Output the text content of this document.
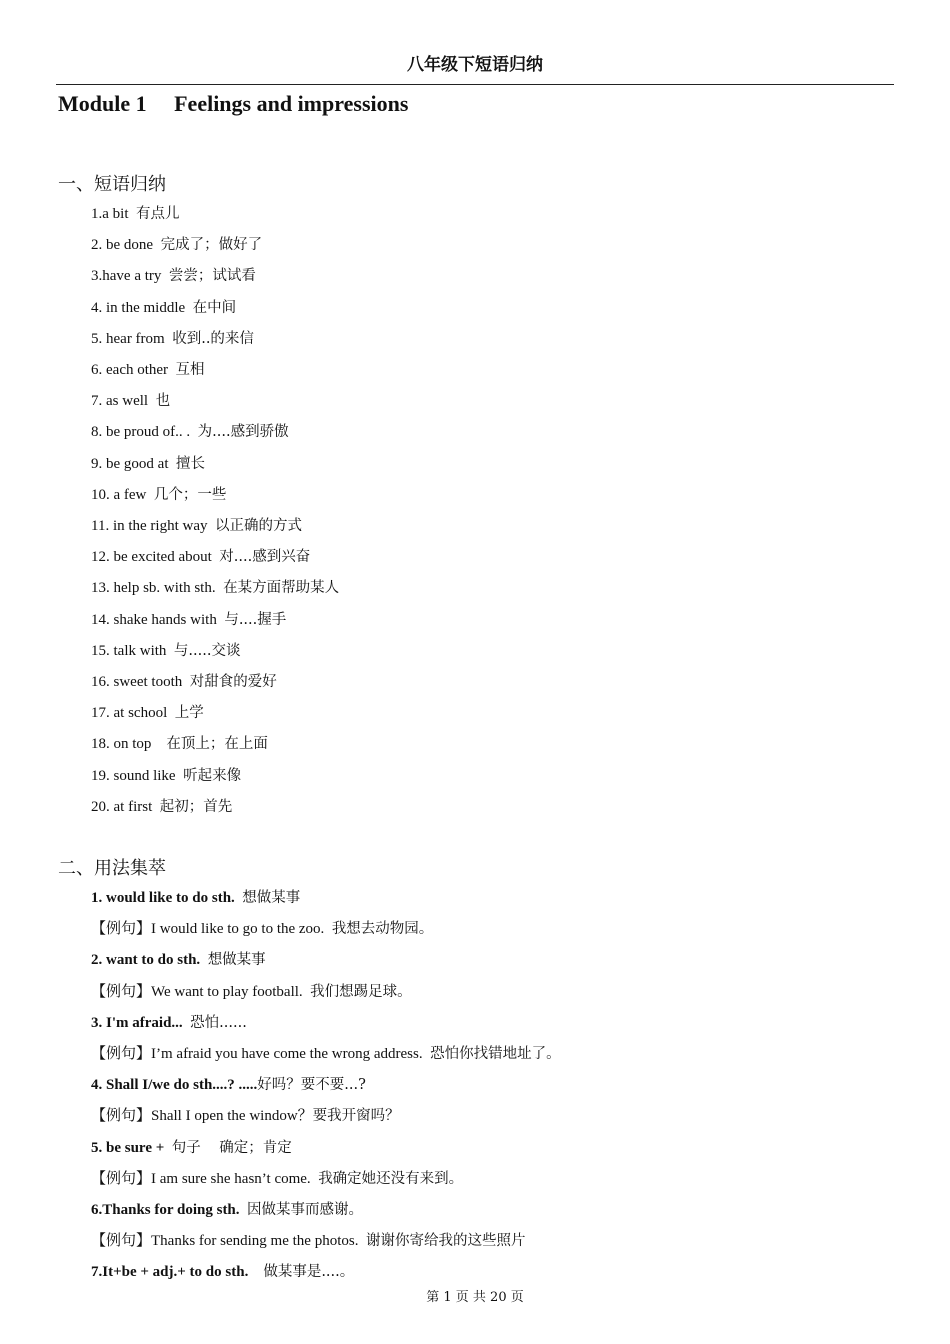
八年级下短语归纳
Module 1     Feelings and impressions
一、短语归纳
1.a bit  有点儿
2. be done  完成了；做好了
3.have a try  尝尝；试试看
4. in the middle  在中间
5. hear from  收到..的来信
6. each other  互相
7. as well  也
8. be proud of.. .  为....感到骄傲
9. be good at  擅长
10. a few  几个；一些
11. in the right way  以正确的方式
12. be excited about  对....感到兴奋
13. help sb. with sth.  在某方面帮助某人
14. shake hands with  与....握手
15. talk with  与.....交谈
16. sweet tooth  对甜食的爱好
17. at school  上学
18. on top    在顶上；在上面
19. sound like  听起来像
20. at first  起初；首先
二、用法集萃
1. would like to do sth.  想做某事
【例句】I would like to go to the zoo.  我想去动物园。
2. want to do sth.  想做某事
【例句】We want to play football.  我们想踢足球。
3. I'm afraid...  恐怕......
【例句】I’m afraid you have come the wrong address.  恐怕你找错地址了。
4. Shall I/we do sth....? .....好吗？要不要...?
【例句】Shall I open the window？要我开窗吗？
5. be sure +  句子    确定；肯定
【例句】I am sure she hasn’t come.  我确定她还没有来到。
6.Thanks for doing sth.  因做某事而感谢。
【例句】Thanks for sending me the photos.  谢谢你寄给我的这些照片
7.It+be + adj.+ to do sth.    做某事是....。
第 1 页 共 20 页
